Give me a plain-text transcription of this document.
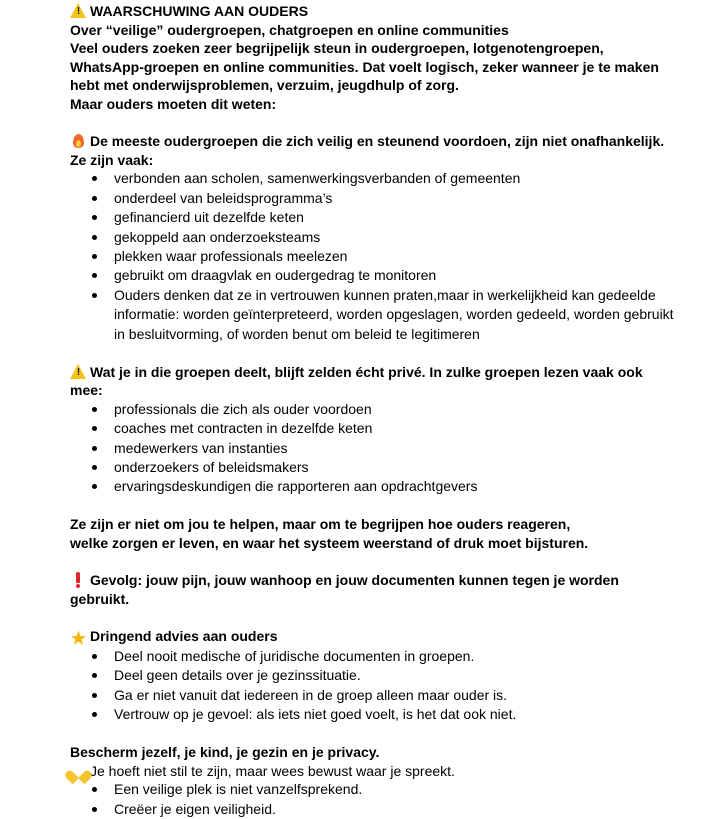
!WAARSCHUWING AAN OUDERS
Over “veilige” oudergroepen, chatgroepen en online communities
Veel ouders zoeken zeer begrijpelijk steun in oudergroepen, lotgenotengroepen,
WhatsApp-groepen en online communities. Dat voelt logisch, zeker wanneer je te maken
hebt met onderwijsproblemen, verzuim, jeugdhulp of zorg.
Maar ouders moeten dit weten:
De meeste oudergroepen die zich veilig en steunend voordoen, zijn niet onafhankelijk.
Ze zijn vaak:
verbonden aan scholen, samenwerkingsverbanden of gemeenten
onderdeel van beleidsprogramma’s
gefinancierd uit dezelfde keten
gekoppeld aan onderzoeksteams
plekken waar professionals meelezen
gebruikt om draagvlak en oudergedrag te monitoren
Ouders denken dat ze in vertrouwen kunnen praten,maar in werkelijkheid kan gedeelde informatie: worden geïnterpreteerd, worden opgeslagen, worden gedeeld, worden gebruikt in besluitvorming, of worden benut om beleid te legitimeren
!Wat je in die groepen deelt, blijft zelden écht privé. In zulke groepen lezen vaak ook
mee:
professionals die zich als ouder voordoen
coaches met contracten in dezelfde keten
medewerkers van instanties
onderzoekers of beleidsmakers
ervaringsdeskundigen die rapporteren aan opdrachtgevers
Ze zijn er niet om jou te helpen, maar om te begrijpen hoe ouders reageren,
welke zorgen er leven, en waar het systeem weerstand of druk moet bijsturen.
Gevolg: jouw pijn, jouw wanhoop en jouw documenten kunnen tegen je worden
gebruikt.
★ Dringend advies aan ouders
Deel nooit medische of juridische documenten in groepen.
Deel geen details over je gezinssituatie.
Ga er niet vanuit dat iedereen in de groep alleen maar ouder is.
Vertrouw op je gevoel: als iets niet goed voelt, is het dat ook niet.
Bescherm jezelf, je kind, je gezin en je privacy.
Je hoeft niet stil te zijn, maar wees bewust waar je spreekt.
Een veilige plek is niet vanzelfsprekend.
Creëer je eigen veiligheid.
